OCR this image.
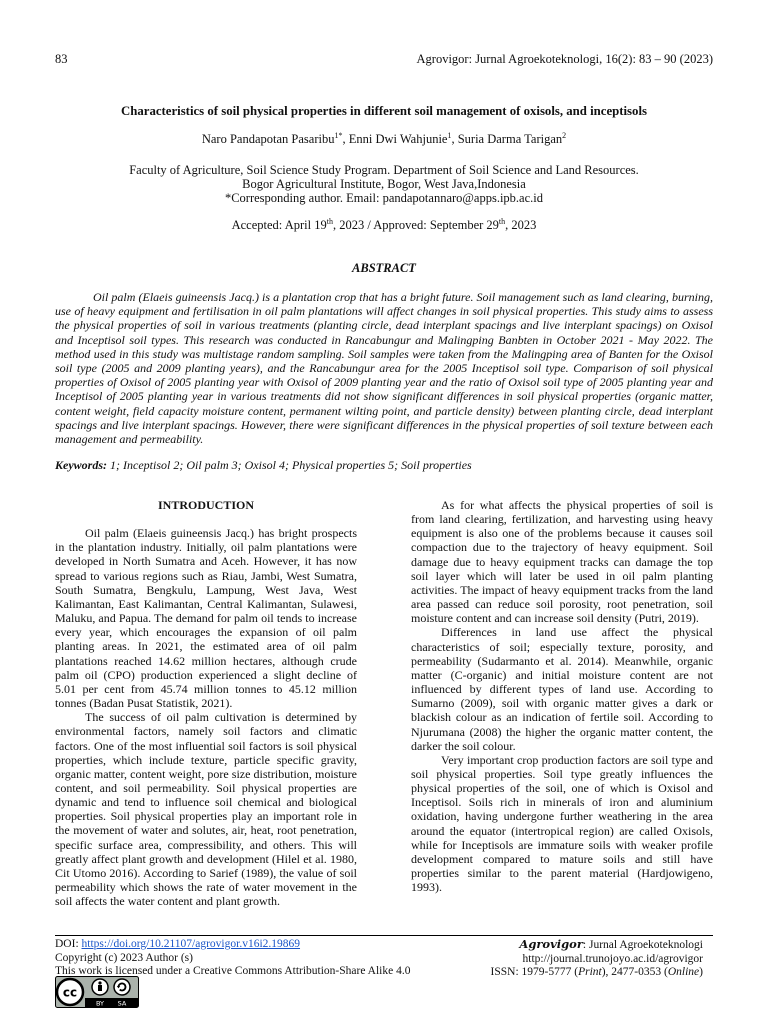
83	Agrovigor: Jurnal Agroekoteknologi, 16(2): 83 – 90 (2023)
Characteristics of soil physical properties in different soil management of oxisols, and inceptisols
Naro Pandapotan Pasaribu$^{1*}$, Enni Dwi Wahjunie$^1$, Suria Darma Tarigan$^2$
Faculty of Agriculture, Soil Science Study Program. Department of Soil Science and Land Resources.
Bogor Agricultural Institute, Bogor, West Java,Indonesia
*Corresponding author. Email: pandapotannaro@apps.ipb.ac.id
Accepted: April 19th, 2023 / Approved: September 29th, 2023
ABSTRACT

Oil palm (Elaeis guineensis Jacq.) is a plantation crop that has a bright future. Soil management such as land clearing, burning, use of heavy equipment and fertilisation in oil palm plantations will affect changes in soil physical properties. This study aims to assess the physical properties of soil in various treatments (planting circle, dead interplant spacings and live interplant spacings) on Oxisol and Inceptisol soil types. This research was conducted in Rancabungur and Malingping Banbten in October 2021 - May 2022. The method used in this study was multistage random sampling. Soil samples were taken from the Malingping area of Banten for the Oxisol soil type (2005 and 2009 planting years), and the Rancabungur area for the 2005 Inceptisol soil type. Comparison of soil physical properties of Oxisol of 2005 planting year with Oxisol of 2009 planting year and the ratio of Oxisol soil type of 2005 planting year and Inceptisol of 2005 planting year in various treatments did not show significant differences in soil physical properties (organic matter, content weight, field capacity moisture content, permanent wilting point, and particle density) between planting circle, dead interplant spacings and live interplant spacings. However, there were significant differences in the physical properties of soil texture between each management and permeability.

Keywords: 1; Inceptisol 2; Oil palm 3; Oxisol 4; Physical properties 5; Soil properties
INTRODUCTION

Oil palm (Elaeis guineensis Jacq.) has bright prospects in the plantation industry. Initially, oil palm plantations were developed in North Sumatra and Aceh. However, it has now spread to various regions such as Riau, Jambi, West Sumatra, South Sumatra, Bengkulu, Lampung, West Java, West Kalimantan, East Kalimantan, Central Kalimantan, Sulawesi, Maluku, and Papua. The demand for palm oil tends to increase every year, which encourages the expansion of oil palm planting areas. In 2021, the estimated area of oil palm plantations reached 14.62 million hectares, although crude palm oil (CPO) production experienced a slight decline of 5.01 per cent from 45.74 million tonnes to 45.12 million tonnes (Badan Pusat Statistik, 2021).

The success of oil palm cultivation is determined by environmental factors, namely soil factors and climatic factors. One of the most influential soil factors is soil physical properties, which include texture, particle specific gravity, organic matter, content weight, pore size distribution, moisture content, and soil permeability. Soil physical properties are dynamic and tend to influence soil chemical and biological properties. Soil physical properties play an important role in the movement of water and solutes, air, heat, root penetration, specific surface area, compressibility, and others. This will greatly affect plant growth and development (Hilel et al. 1980, Cit Utomo 2016). According to Sarief (1989), the value of soil permeability which shows the rate of water movement in the soil affects the water content and plant growth.

As for what affects the physical properties of soil is from land clearing, fertilization, and harvesting using heavy equipment is also one of the problems because it causes soil compaction due to the trajectory of heavy equipment. Soil damage due to heavy equipment tracks can damage the top soil layer which will later be used in oil palm planting activities. The impact of heavy equipment tracks from the land area passed can reduce soil porosity, root penetration, soil moisture content and can increase soil density (Putri, 2019).

Differences in land use affect the physical characteristics of soil; especially texture, porosity, and permeability (Sudarmanto et al. 2014). Meanwhile, organic matter (C-organic) and initial moisture content are not influenced by different types of land use. According to Sumarno (2009), soil with organic matter gives a dark or blackish colour as an indication of fertile soil. According to Njurumana (2008) the higher the organic matter content, the darker the soil colour.

Very important crop production factors are soil type and soil physical properties. Soil type greatly influences the physical properties of the soil, one of which is Oxisol and Inceptisol. Soils rich in minerals of iron and aluminium oxidation, having undergone further weathering in the area around the equator (intertropical region) are called Oxisols, while for Inceptisols are immature soils with weaker profile development compared to mature soils and still have properties similar to the parent material (Hardjowigeno, 1993).

DOI: https://doi.org/10.21107/agrovigor.v16i2.19869
Copyright (c) 2023 Author (s)
This work is licensed under a Creative Commons Attribution-Share Alike 4.0
Agrovigor: Jurnal Agroekoteknologi
http://journal.trunojoyo.ac.id/agrovigor
ISSN: 1979-5777 (Print), 2477-0353 (Online)
cc
BY SA
